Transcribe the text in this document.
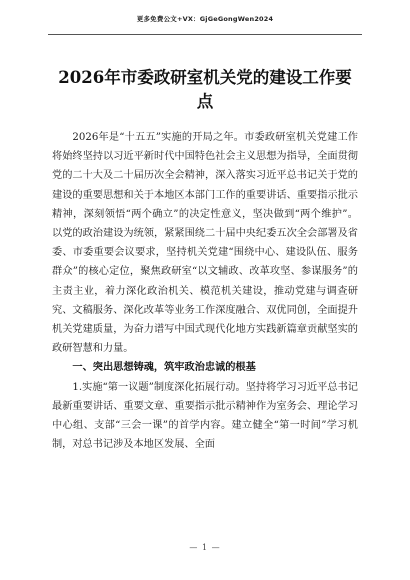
更多免费公文+VX：GjGeGongWen2024
2026年市委政研室机关党的建设工作要点

2026年是“十五五”实施的开局之年。市委政研室机关党建工作将始终坚持以习近平新时代中国特色社会主义思想为指导，全面贯彻党的二十大及二十届历次全会精神，深入落实习近平总书记关于党的建设的重要思想和关于本地区本部门工作的重要讲话、重要指示批示精神，深刻领悟“两个确立”的决定性意义，坚决做到“两个维护”。以党的政治建设为统领，紧紧围绕二十届中央纪委五次全会部署及省委、市委重要会议要求，坚持机关党建“围绕中心、建设队伍、服务群众”的核心定位，聚焦政研室“以文辅政、改革攻坚、参谋服务”的主责主业，着力深化政治机关、模范机关建设，推动党建与调查研究、文稿服务、深化改革等业务工作深度融合、双优同创，全面提升机关党建质量，为奋力谱写中国式现代化地方实践新篇章贡献坚实的政研智慧和力量。

一、突出思想铸魂，筑牢政治忠诚的根基

1.实施“第一议题”制度深化拓展行动。坚持将学习习近平总书记最新重要讲话、重要文章、重要指示批示精神作为室务会、理论学习中心组、支部“三会一课”的首学内容。建立健全“第一时间”学习机制，对总书记涉及本地区发展、全面

— 1 —
